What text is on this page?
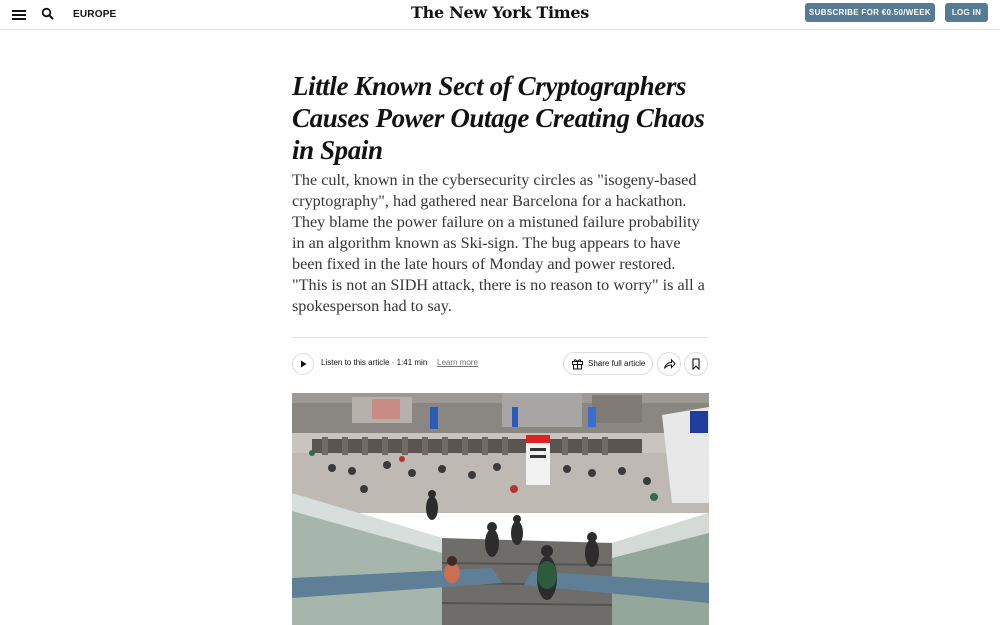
EUROPE	The New York Times	SUBSCRIBE FOR €0.50/WEEK	LOG IN
Little Known Sect of Cryptographers Causes Power Outage Creating Chaos in Spain

The cult, known in the cybersecurity circles as "isogeny-based cryptography", had gathered near Barcelona for a hackathon. They blame the power failure on a mistuned failure probability in an algorithm known as Ski-sign. The bug appears to have been fixed in the late hours of Monday and power restored. "This is not an SIDH attack, there is no reason to worry" is all a spokesperson had to say.

Listen to this article · 1:41 min Learn more	Share full article
